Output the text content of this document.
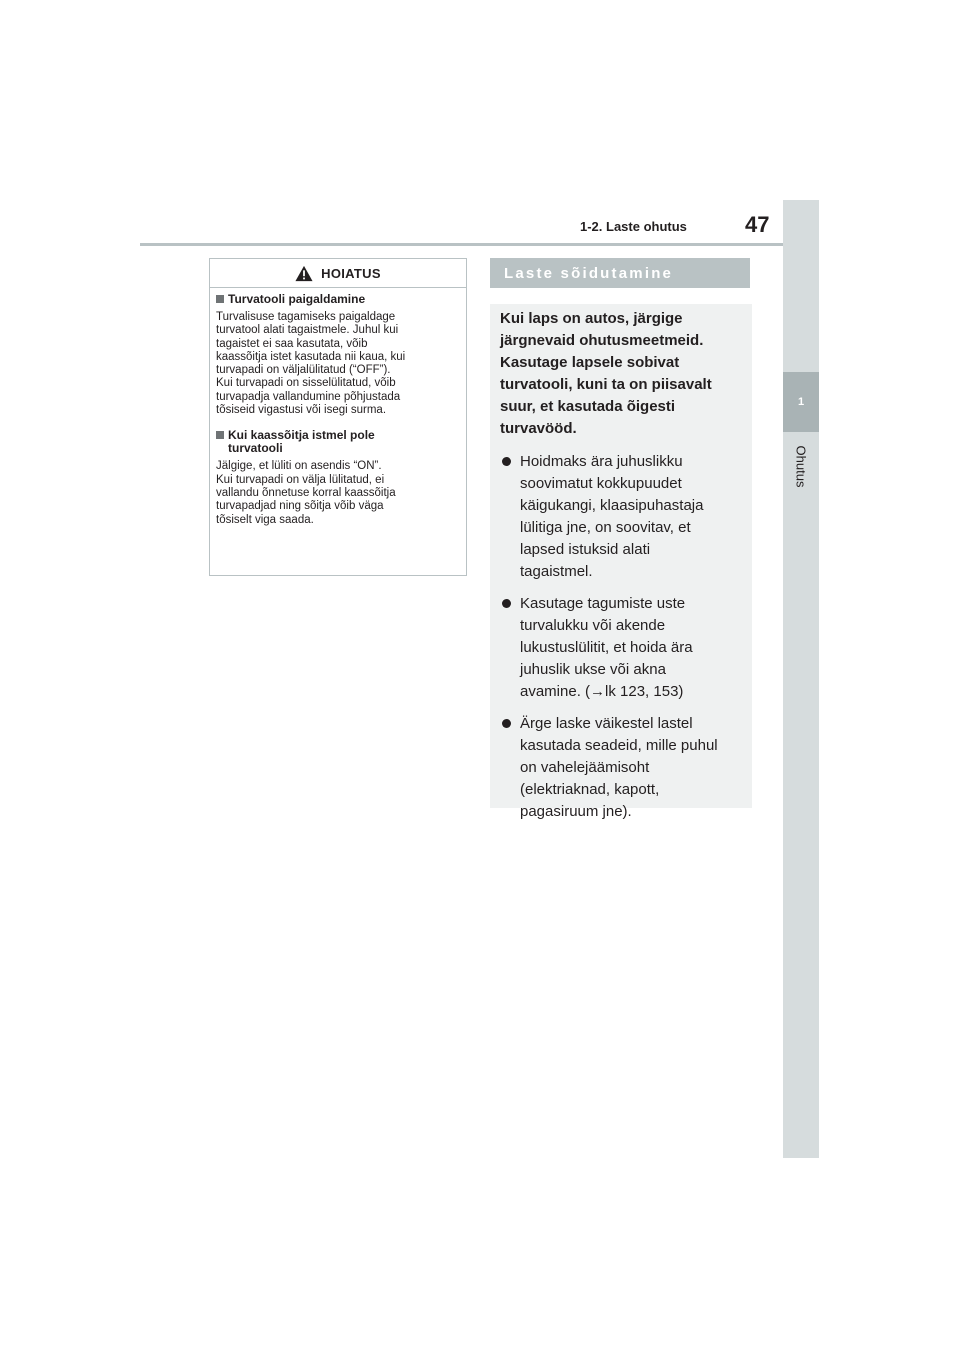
1-2. Laste ohutus	47
1
Ohutus
HOIATUS
Turvatooli paigaldamine
Turvalisuse tagamiseks paigaldage
turvatool alati tagaistmele. Juhul kui
tagaistet ei saa kasutata, võib
kaassõitja istet kasutada nii kaua, kui
turvapadi on väljalülitatud (“OFF”).
Kui turvapadi on sisselülitatud, võib
turvapadja vallandumine põhjustada
tõsiseid vigastusi või isegi surma.
Kui kaassõitja istmel pole
turvatooli
Jälgige, et lüliti on asendis “ON”.
Kui turvapadi on välja lülitatud, ei
vallandu õnnetuse korral kaassõitja
turvapadjad ning sõitja võib väga
tõsiselt viga saada.
Laste sõidutamine

Kui laps on autos, järgige
järgnevaid ohutusmeetmeid.
Kasutage lapsele sobivat
turvatooli, kuni ta on piisavalt
suur, et kasutada õigesti
turvavööd.

Hoidmaks ära juhuslikku
soovimatut kokkupuudet
käigukangi, klaasipuhastaja
lülitiga jne, on soovitav, et
lapsed istuksid alati
tagaistmel.
Kasutage tagumiste uste
turvalukku või akende
lukustuslülitit, et hoida ära
juhuslik ukse või akna
avamine. (→lk 123, 153)
Ärge laske väikestel lastel
kasutada seadeid, mille puhul
on vahelejäämisoht
(elektriaknad, kapott,
pagasiruum jne).
